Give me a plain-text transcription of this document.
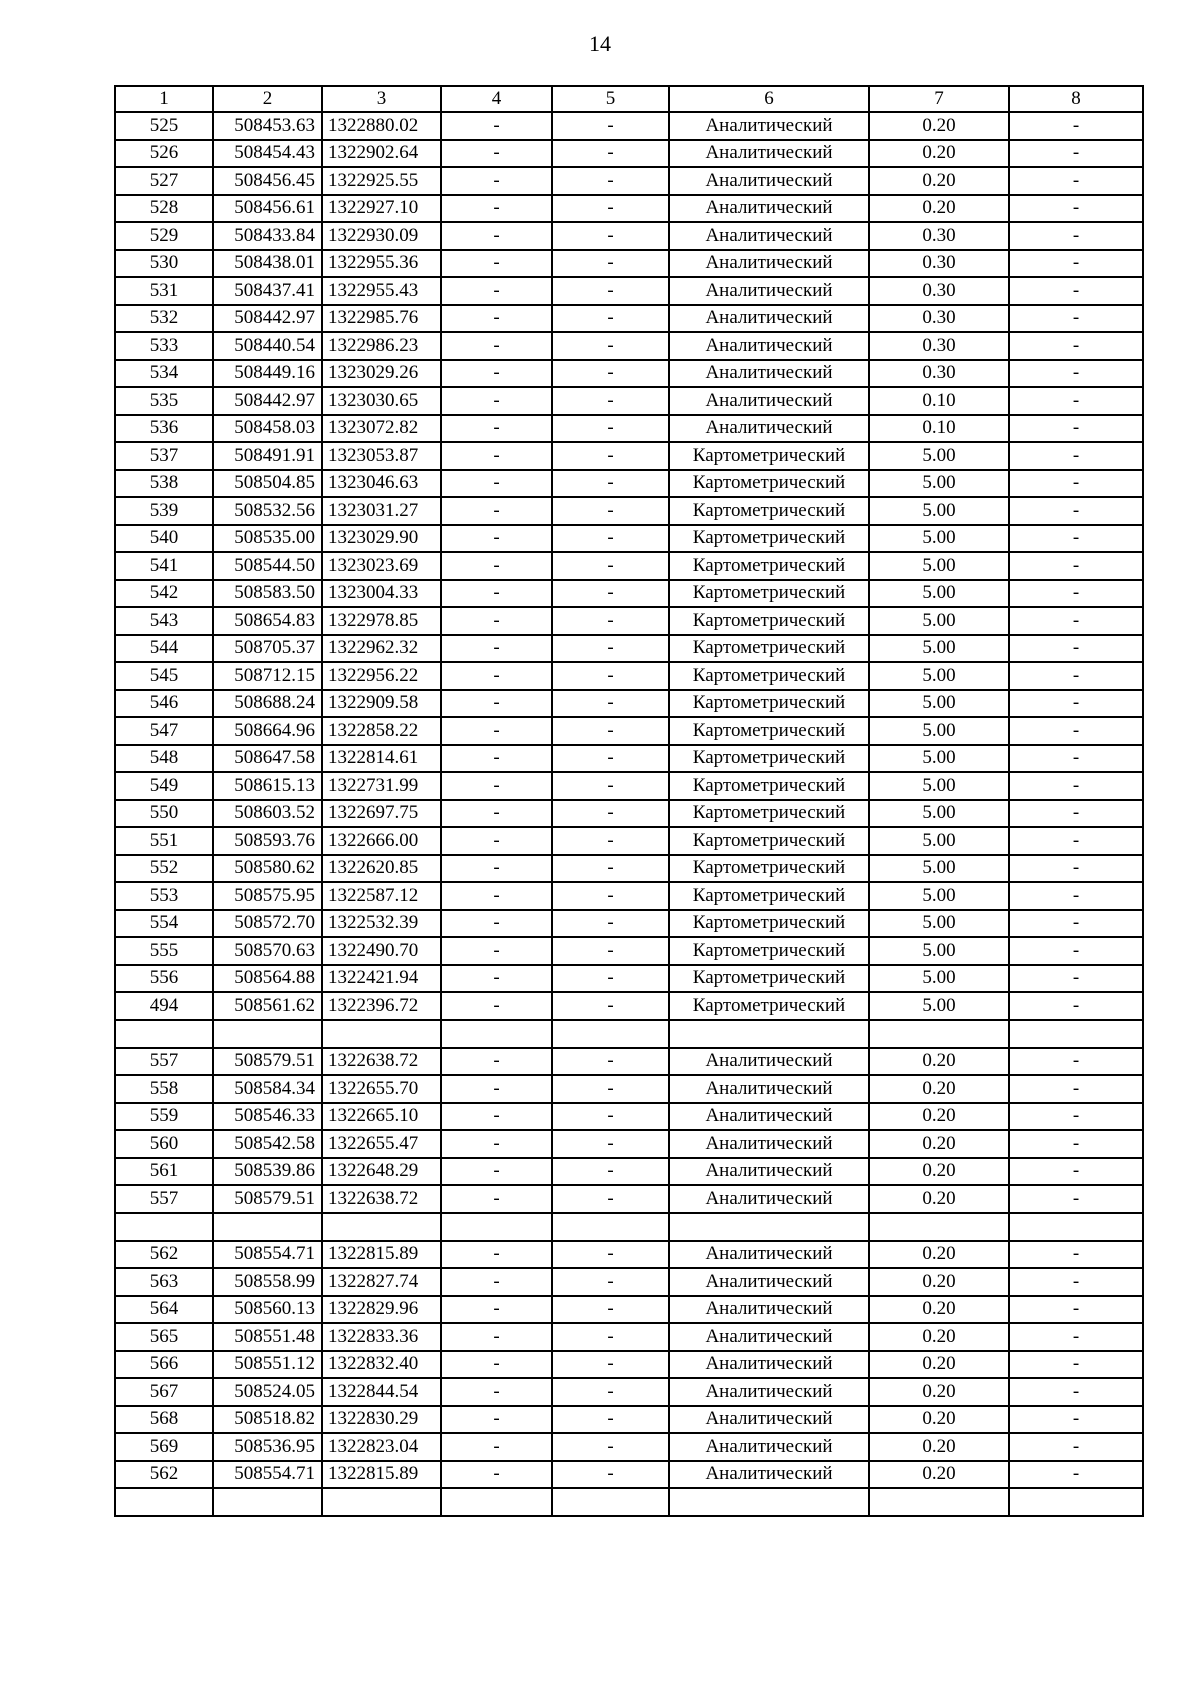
14
1	2	3	4	5	6	7	8
525	508453.63	1322880.02	-	-	Аналитический	0.20	-
526	508454.43	1322902.64	-	-	Аналитический	0.20	-
527	508456.45	1322925.55	-	-	Аналитический	0.20	-
528	508456.61	1322927.10	-	-	Аналитический	0.20	-
529	508433.84	1322930.09	-	-	Аналитический	0.30	-
530	508438.01	1322955.36	-	-	Аналитический	0.30	-
531	508437.41	1322955.43	-	-	Аналитический	0.30	-
532	508442.97	1322985.76	-	-	Аналитический	0.30	-
533	508440.54	1322986.23	-	-	Аналитический	0.30	-
534	508449.16	1323029.26	-	-	Аналитический	0.30	-
535	508442.97	1323030.65	-	-	Аналитический	0.10	-
536	508458.03	1323072.82	-	-	Аналитический	0.10	-
537	508491.91	1323053.87	-	-	Картометрический	5.00	-
538	508504.85	1323046.63	-	-	Картометрический	5.00	-
539	508532.56	1323031.27	-	-	Картометрический	5.00	-
540	508535.00	1323029.90	-	-	Картометрический	5.00	-
541	508544.50	1323023.69	-	-	Картометрический	5.00	-
542	508583.50	1323004.33	-	-	Картометрический	5.00	-
543	508654.83	1322978.85	-	-	Картометрический	5.00	-
544	508705.37	1322962.32	-	-	Картометрический	5.00	-
545	508712.15	1322956.22	-	-	Картометрический	5.00	-
546	508688.24	1322909.58	-	-	Картометрический	5.00	-
547	508664.96	1322858.22	-	-	Картометрический	5.00	-
548	508647.58	1322814.61	-	-	Картометрический	5.00	-
549	508615.13	1322731.99	-	-	Картометрический	5.00	-
550	508603.52	1322697.75	-	-	Картометрический	5.00	-
551	508593.76	1322666.00	-	-	Картометрический	5.00	-
552	508580.62	1322620.85	-	-	Картометрический	5.00	-
553	508575.95	1322587.12	-	-	Картометрический	5.00	-
554	508572.70	1322532.39	-	-	Картометрический	5.00	-
555	508570.63	1322490.70	-	-	Картометрический	5.00	-
556	508564.88	1322421.94	-	-	Картометрический	5.00	-
494	508561.62	1322396.72	-	-	Картометрический	5.00	-

557	508579.51	1322638.72	-	-	Аналитический	0.20	-
558	508584.34	1322655.70	-	-	Аналитический	0.20	-
559	508546.33	1322665.10	-	-	Аналитический	0.20	-
560	508542.58	1322655.47	-	-	Аналитический	0.20	-
561	508539.86	1322648.29	-	-	Аналитический	0.20	-
557	508579.51	1322638.72	-	-	Аналитический	0.20	-

562	508554.71	1322815.89	-	-	Аналитический	0.20	-
563	508558.99	1322827.74	-	-	Аналитический	0.20	-
564	508560.13	1322829.96	-	-	Аналитический	0.20	-
565	508551.48	1322833.36	-	-	Аналитический	0.20	-
566	508551.12	1322832.40	-	-	Аналитический	0.20	-
567	508524.05	1322844.54	-	-	Аналитический	0.20	-
568	508518.82	1322830.29	-	-	Аналитический	0.20	-
569	508536.95	1322823.04	-	-	Аналитический	0.20	-
562	508554.71	1322815.89	-	-	Аналитический	0.20	-
